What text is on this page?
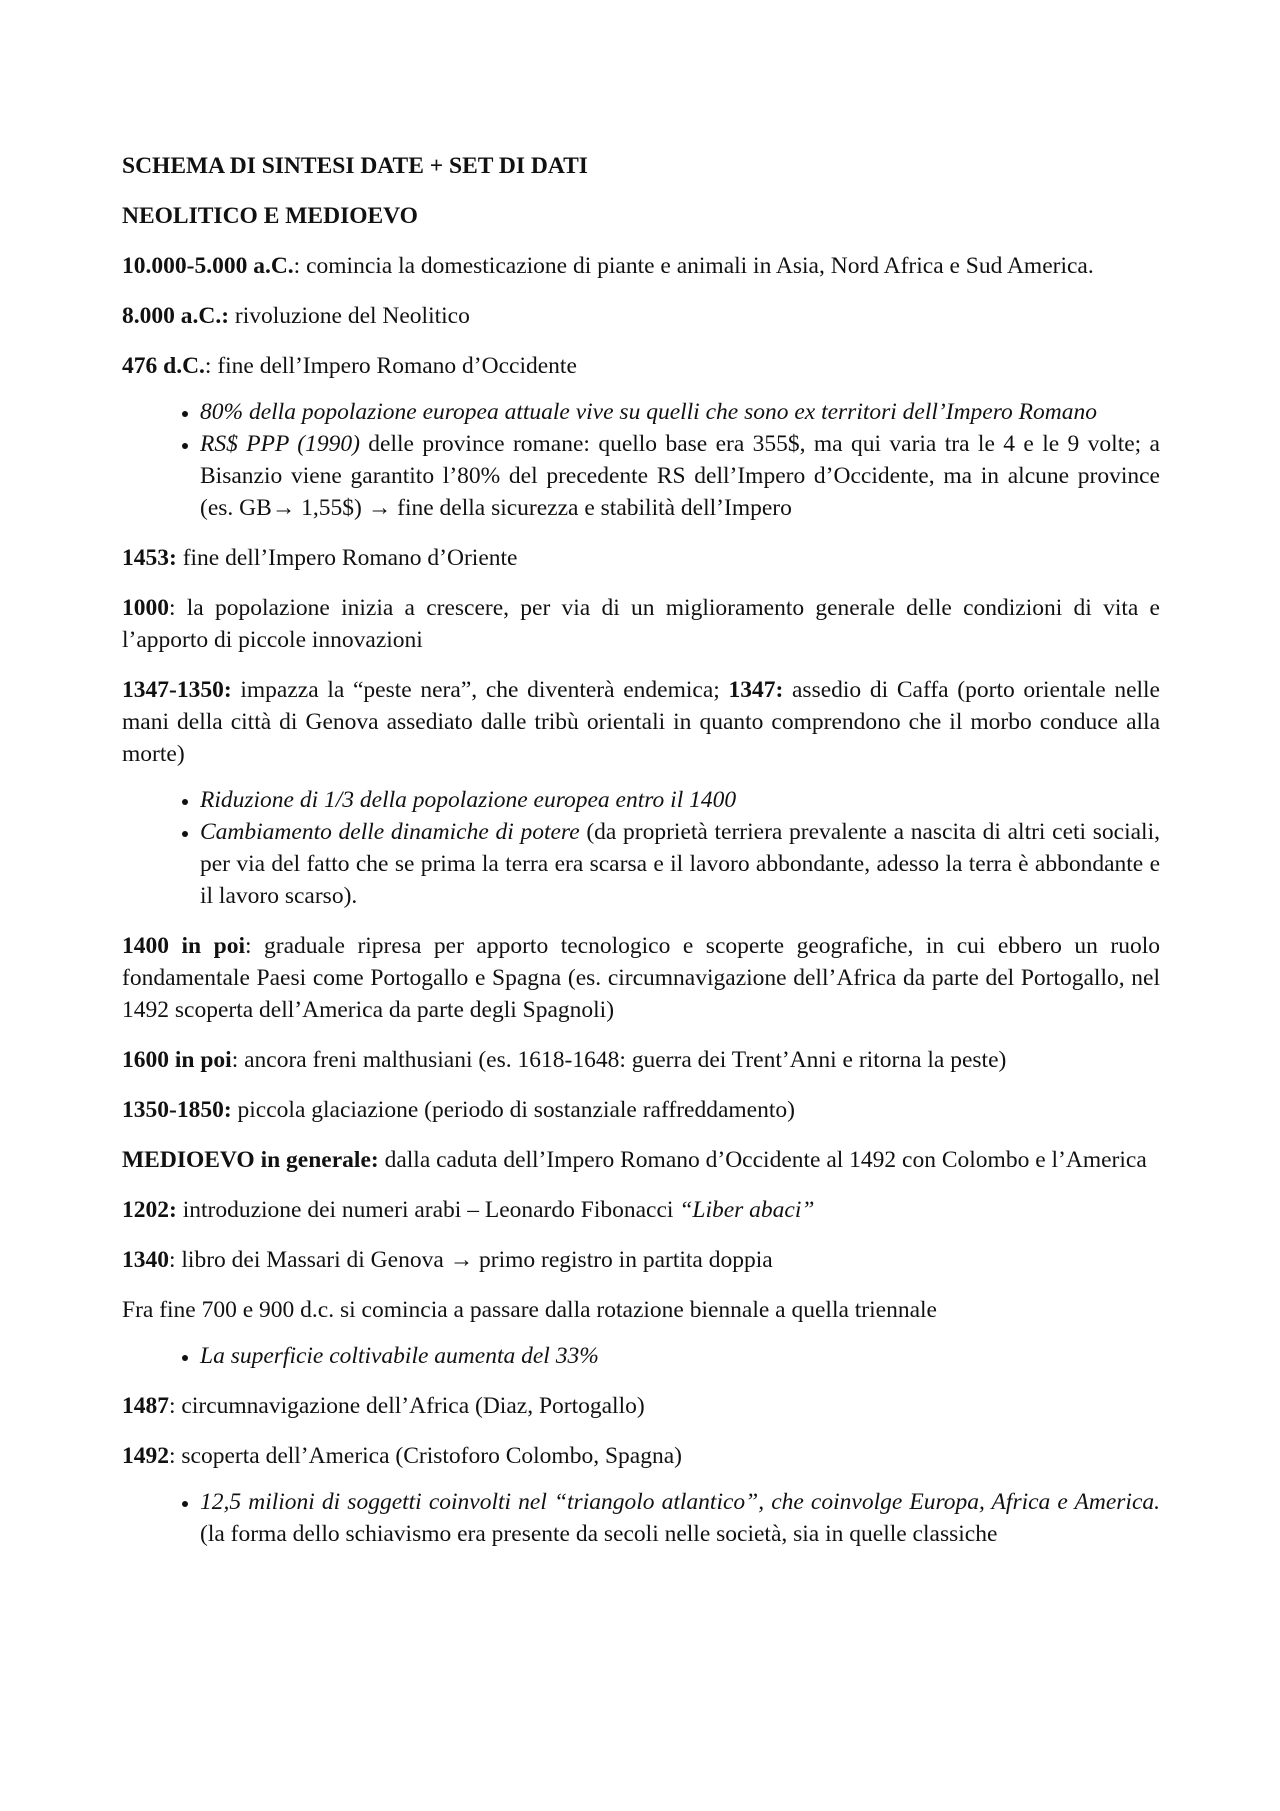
SCHEMA DI SINTESI DATE + SET DI DATI
NEOLITICO E MEDIOEVO

10.000-5.000 a.C.: comincia la domesticazione di piante e animali in Asia, Nord Africa e Sud America.

8.000 a.C.: rivoluzione del Neolitico

476 d.C.: fine dell’Impero Romano d’Occidente

• 80% della popolazione europea attuale vive su quelli che sono ex territori dell’Impero Romano
• RS$ PPP (1990) delle province romane: quello base era 355$, ma qui varia tra le 4 e le 9 volte; a Bisanzio viene garantito l’80% del precedente RS dell’Impero d’Occidente, ma in alcune province (es. GB→ 1,55$) → fine della sicurezza e stabilità dell’Impero

1453: fine dell’Impero Romano d’Oriente

1000: la popolazione inizia a crescere, per via di un miglioramento generale delle condizioni di vita e l’apporto di piccole innovazioni

1347-1350: impazza la “peste nera”, che diventerà endemica; 1347: assedio di Caffa (porto orientale nelle mani della città di Genova assediato dalle tribù orientali in quanto comprendono che il morbo conduce alla morte)

• Riduzione di 1/3 della popolazione europea entro il 1400
• Cambiamento delle dinamiche di potere (da proprietà terriera prevalente a nascita di altri ceti sociali, per via del fatto che se prima la terra era scarsa e il lavoro abbondante, adesso la terra è abbondante e il lavoro scarso).

1400 in poi: graduale ripresa per apporto tecnologico e scoperte geografiche, in cui ebbero un ruolo fondamentale Paesi come Portogallo e Spagna (es. circumnavigazione dell’Africa da parte del Portogallo, nel 1492 scoperta dell’America da parte degli Spagnoli)

1600 in poi: ancora freni malthusiani (es. 1618-1648: guerra dei Trent’Anni e ritorna la peste)

1350-1850: piccola glaciazione (periodo di sostanziale raffreddamento)

MEDIOEVO in generale: dalla caduta dell’Impero Romano d’Occidente al 1492 con Colombo e l’America

1202: introduzione dei numeri arabi – Leonardo Fibonacci “Liber abaci”

1340: libro dei Massari di Genova → primo registro in partita doppia

Fra fine 700 e 900 d.c. si comincia a passare dalla rotazione biennale a quella triennale

• La superficie coltivabile aumenta del 33%

1487: circumnavigazione dell’Africa (Diaz, Portogallo)

1492: scoperta dell’America (Cristoforo Colombo, Spagna)

• 12,5 milioni di soggetti coinvolti nel “triangolo atlantico”, che coinvolge Europa, Africa e America. (la forma dello schiavismo era presente da secoli nelle società, sia in quelle classiche
